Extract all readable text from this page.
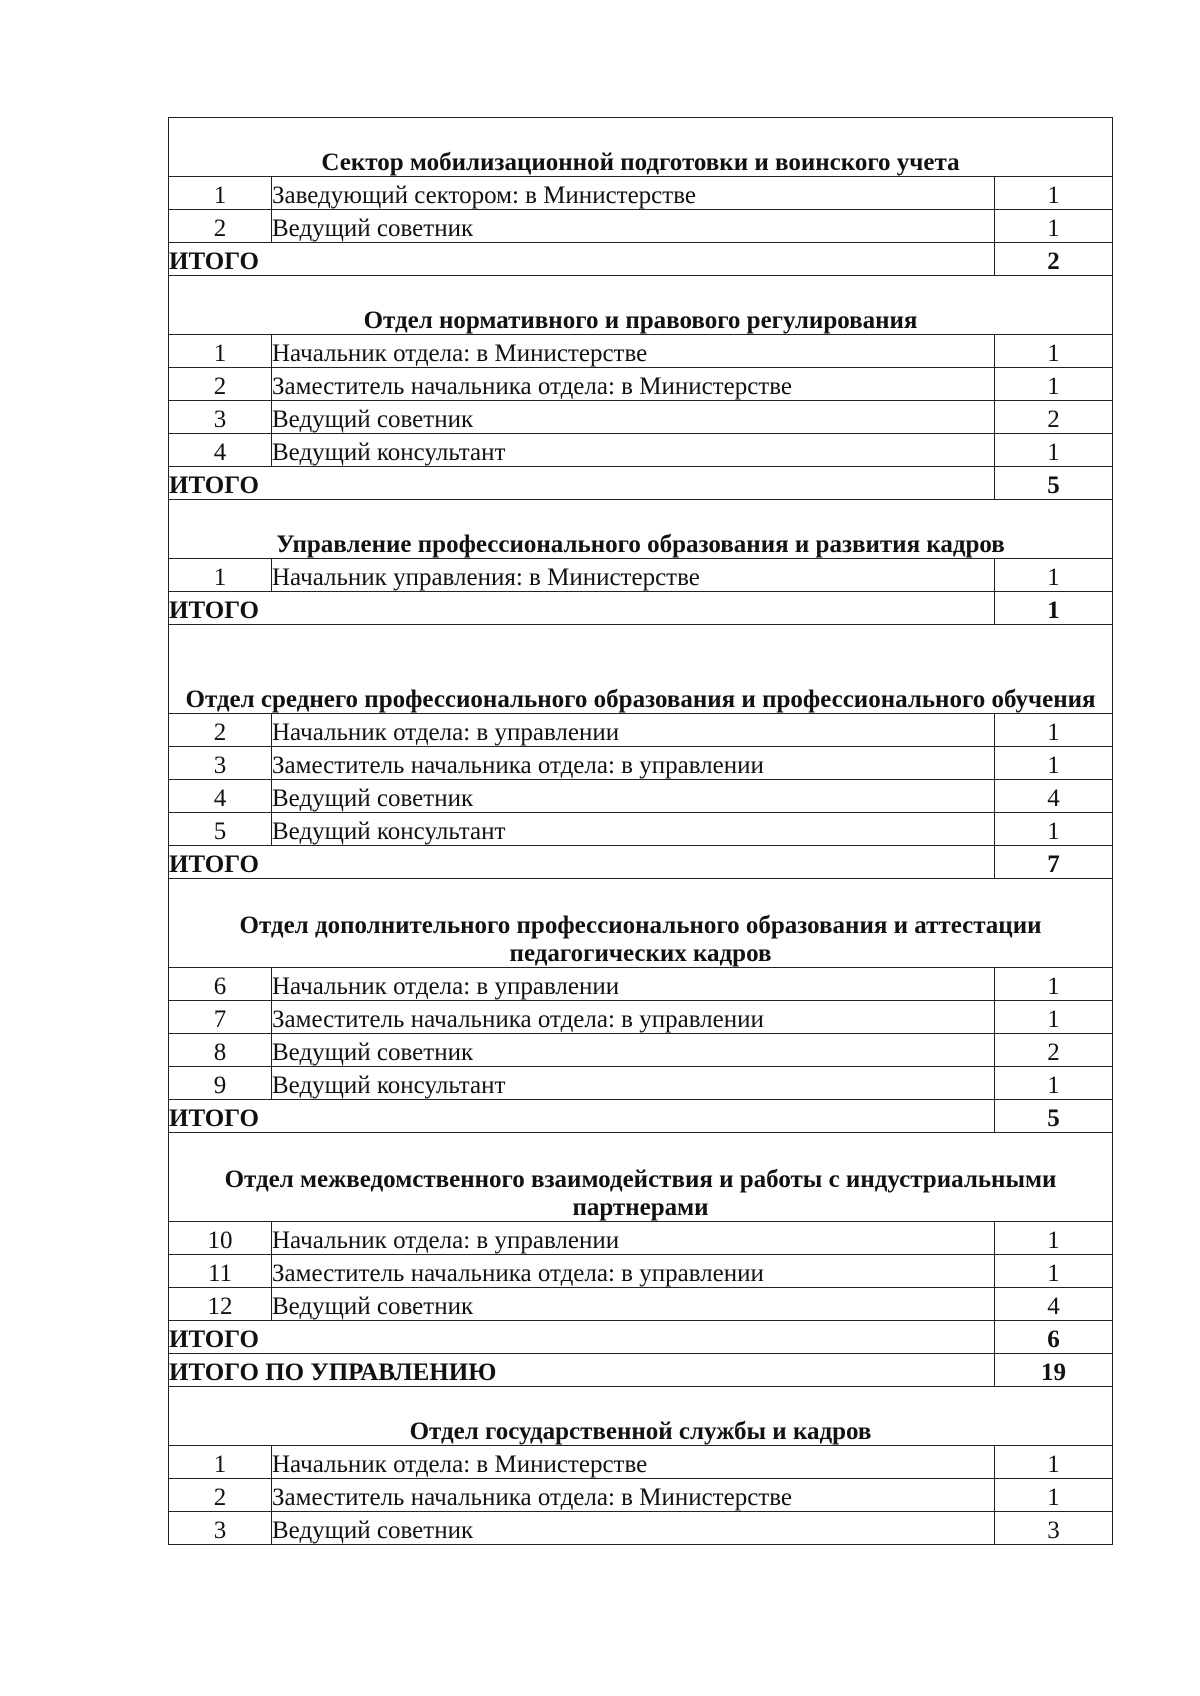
Сектор мобилизационной подготовки и воинского учета		
1	Заведующий сектором: в Министерстве	1
2	Ведущий советник	1
ИТОГО		2
Отдел нормативного и правового регулирования		
1	Начальник отдела: в Министерстве	1
2	Заместитель начальника отдела: в Министерстве	1
3	Ведущий советник	2
4	Ведущий консультант	1
ИТОГО		5
Управление профессионального образования и развития кадров		
1	Начальник управления: в Министерстве	1
ИТОГО		1
Отдел среднего профессионального образования и профессионального обучения		
2	Начальник отдела: в управлении	1
3	Заместитель начальника отдела: в управлении	1
4	Ведущий советник	4
5	Ведущий консультант	1
ИТОГО		7
Отдел дополнительного профессионального образования и аттестации педагогических кадров		
6	Начальник отдела: в управлении	1
7	Заместитель начальника отдела: в управлении	1
8	Ведущий советник	2
9	Ведущий консультант	1
ИТОГО		5
Отдел межведомственного взаимодействия и работы с индустриальными партнерами		
10	Начальник отдела: в управлении	1
11	Заместитель начальника отдела: в управлении	1
12	Ведущий советник	4
ИТОГО		6
ИТОГО ПО УПРАВЛЕНИЮ		19
Отдел государственной службы и кадров		
1	Начальник отдела: в Министерстве	1
2	Заместитель начальника отдела: в Министерстве	1
3	Ведущий советник	3
